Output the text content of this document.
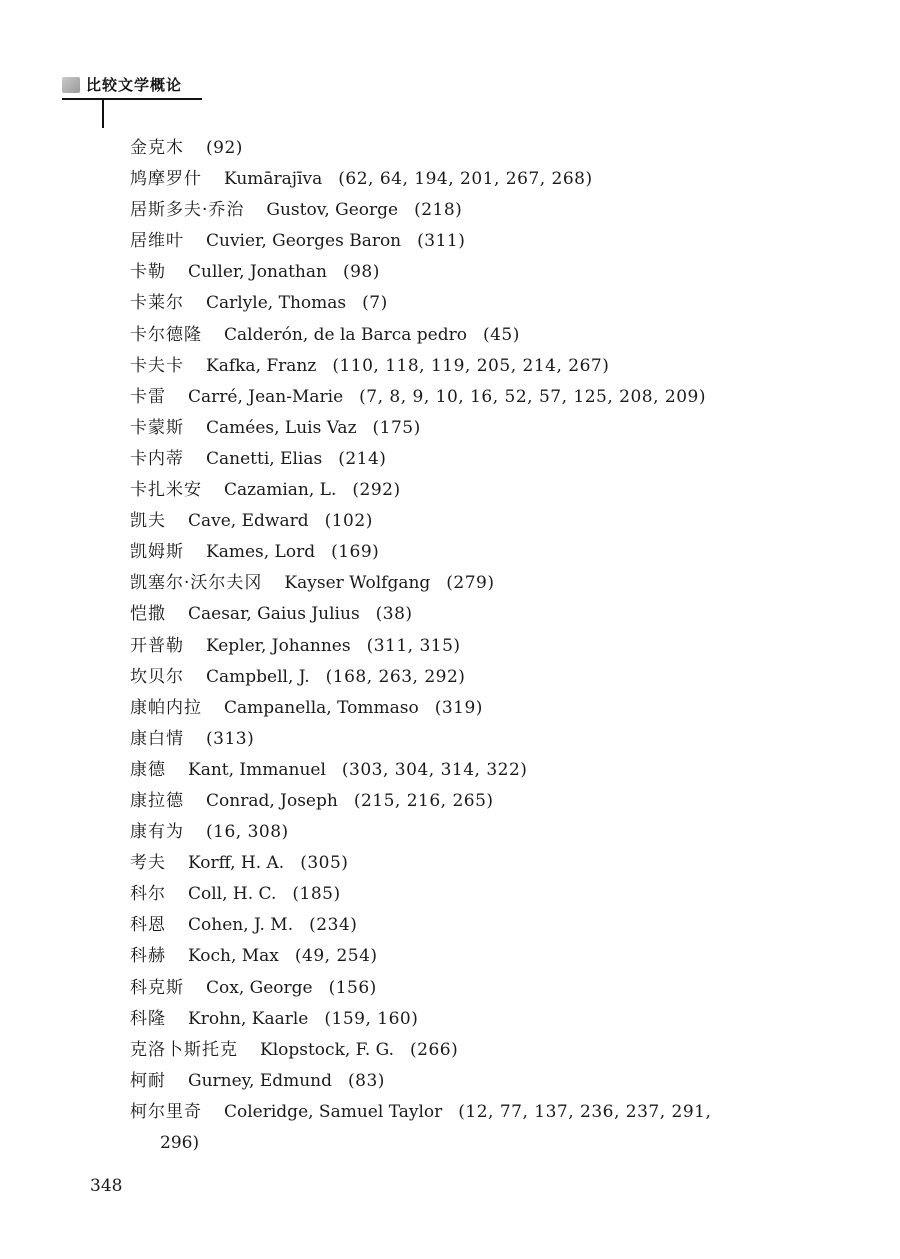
比较文学概论
金克木 (92)
鸠摩罗什 Kumārajīva (62, 64, 194, 201, 267, 268)
居斯多夫·乔治 Gustov, George (218)
居维叶 Cuvier, Georges Baron (311)
卡勒 Culler, Jonathan (98)
卡莱尔 Carlyle, Thomas (7)
卡尔德隆 Calderón, de la Barca pedro (45)
卡夫卡 Kafka, Franz (110, 118, 119, 205, 214, 267)
卡雷 Carré, Jean-Marie (7, 8, 9, 10, 16, 52, 57, 125, 208, 209)
卡蒙斯 Camées, Luis Vaz (175)
卡内蒂 Canetti, Elias (214)
卡扎米安 Cazamian, L. (292)
凯夫 Cave, Edward (102)
凯姆斯 Kames, Lord (169)
凯塞尔·沃尔夫冈 Kayser Wolfgang (279)
恺撒 Caesar, Gaius Julius (38)
开普勒 Kepler, Johannes (311, 315)
坎贝尔 Campbell, J. (168, 263, 292)
康帕内拉 Campanella, Tommaso (319)
康白情 (313)
康德 Kant, Immanuel (303, 304, 314, 322)
康拉德 Conrad, Joseph (215, 216, 265)
康有为 (16, 308)
考夫 Korff, H. A. (305)
科尔 Coll, H. C. (185)
科恩 Cohen, J. M. (234)
科赫 Koch, Max (49, 254)
科克斯 Cox, George (156)
科隆 Krohn, Kaarle (159, 160)
克洛卜斯托克 Klopstock, F. G. (266)
柯耐 Gurney, Edmund (83)
柯尔里奇 Coleridge, Samuel Taylor (12, 77, 137, 236, 237, 291,
296)
348
